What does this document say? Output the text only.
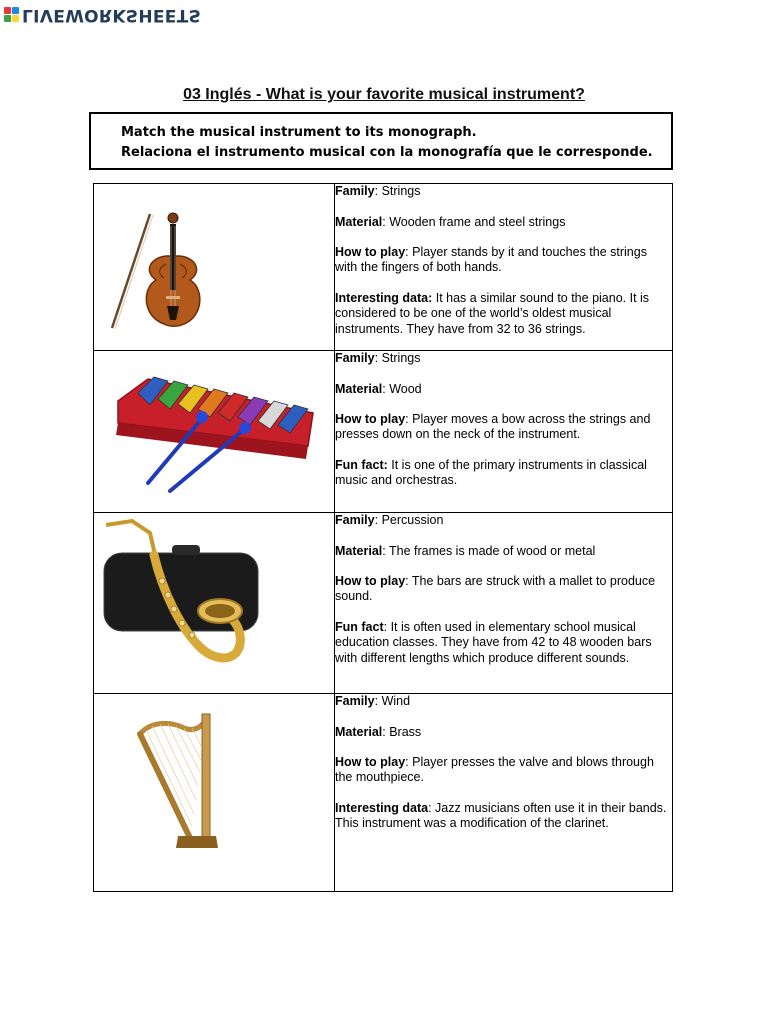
LIVEWORKSHEETS
03 Inglés - What is your favorite musical instrument?
Match the musical instrument to its monograph.
Relaciona el instrumento musical con la monografía que le corresponde.

Family: Strings

Material: Wooden frame and steel strings

How to play: Player stands by it and touches the strings with the fingers of both hands.

Interesting data: It has a similar sound to the piano. It is considered to be one of the world’s oldest musical instruments. They have from 32 to 36 strings.

Family: Strings

Material: Wood

How to play: Player moves a bow across the strings and presses down on the neck of the instrument.

Fun fact: It is one of the primary instruments in classical music and orchestras.

Family: Percussion

Material: The frames is made of wood or metal

How to play: The bars are struck with a mallet to produce sound.

Fun fact: It is often used in elementary school musical education classes. They have from 42 to 48 wooden bars with different lengths which produce different sounds.

Family: Wind

Material: Brass

How to play: Player presses the valve and blows through the mouthpiece.

Interesting data: Jazz musicians often use it in their bands. This instrument was a modification of the clarinet.
